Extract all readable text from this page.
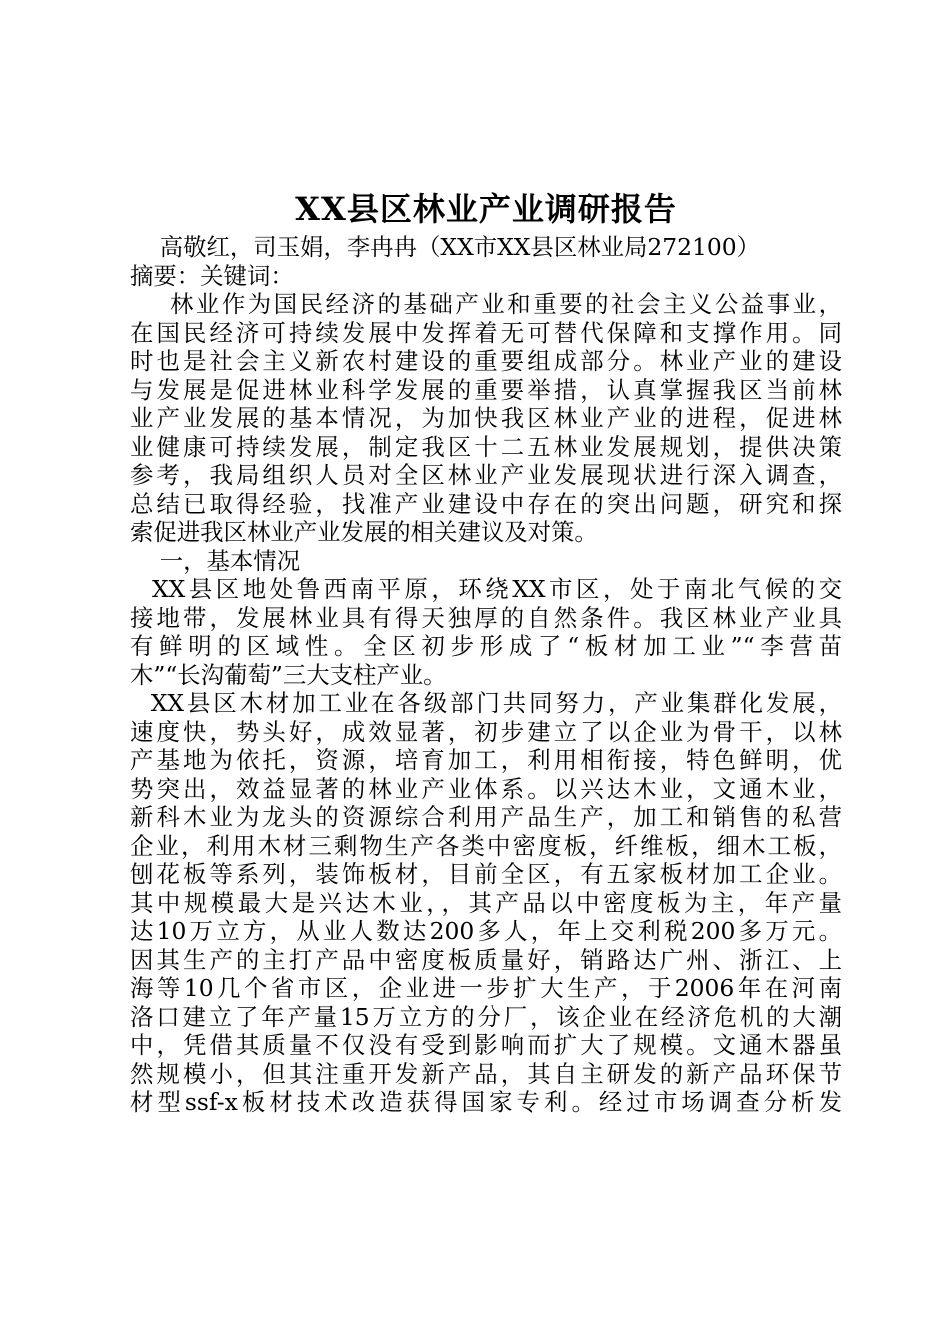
XX县区林业产业调研报告

高敬红，司玉娟，李冉冉（XX市XX县区林业局272100）

摘要：关键词：

林业作为国民经济的基础产业和重要的社会主义公益事业，

在国民经济可持续发展中发挥着无可替代保障和支撑作用。同

时也是社会主义新农村建设的重要组成部分。林业产业的建设

与发展是促进林业科学发展的重要举措，认真掌握我区当前林

业产业发展的基本情况，为加快我区林业产业的进程，促进林

业健康可持续发展，制定我区十二五林业发展规划，提供决策

参考，我局组织人员对全区林业产业发展现状进行深入调查，

总结已取得经验，找准产业建设中存在的突出问题，研究和探

索促进我区林业产业发展的相关建议及对策。

一，基本情况

XX县区地处鲁西南平原，环绕XX市区，处于南北气候的交

接地带，发展林业具有得天独厚的自然条件。我区林业产业具

有鲜明的区域性。全区初步形成了“板材加工业”“李营苗

木”“长沟葡萄”三大支柱产业。

XX县区木材加工业在各级部门共同努力，产业集群化发展，

速度快，势头好，成效显著，初步建立了以企业为骨干，以林

产基地为依托，资源，培育加工，利用相衔接，特色鲜明，优

势突出，效益显著的林业产业体系。以兴达木业，文通木业，

新科木业为龙头的资源综合利用产品生产，加工和销售的私营

企业，利用木材三剩物生产各类中密度板，纤维板，细木工板，

刨花板等系列，装饰板材，目前全区，有五家板材加工企业。

其中规模最大是兴达木业，，其产品以中密度板为主，年产量

达10万立方，从业人数达200多人，年上交利税200多万元。

因其生产的主打产品中密度板质量好，销路达广州、浙江、上

海等10几个省市区，企业进一步扩大生产，于2006年在河南

洛口建立了年产量15万立方的分厂，该企业在经济危机的大潮

中，凭借其质量不仅没有受到影响而扩大了规模。文通木器虽

然规模小，但其注重开发新产品，其自主研发的新产品环保节

材型ssf-x板材技术改造获得国家专利。经过市场调查分析发
